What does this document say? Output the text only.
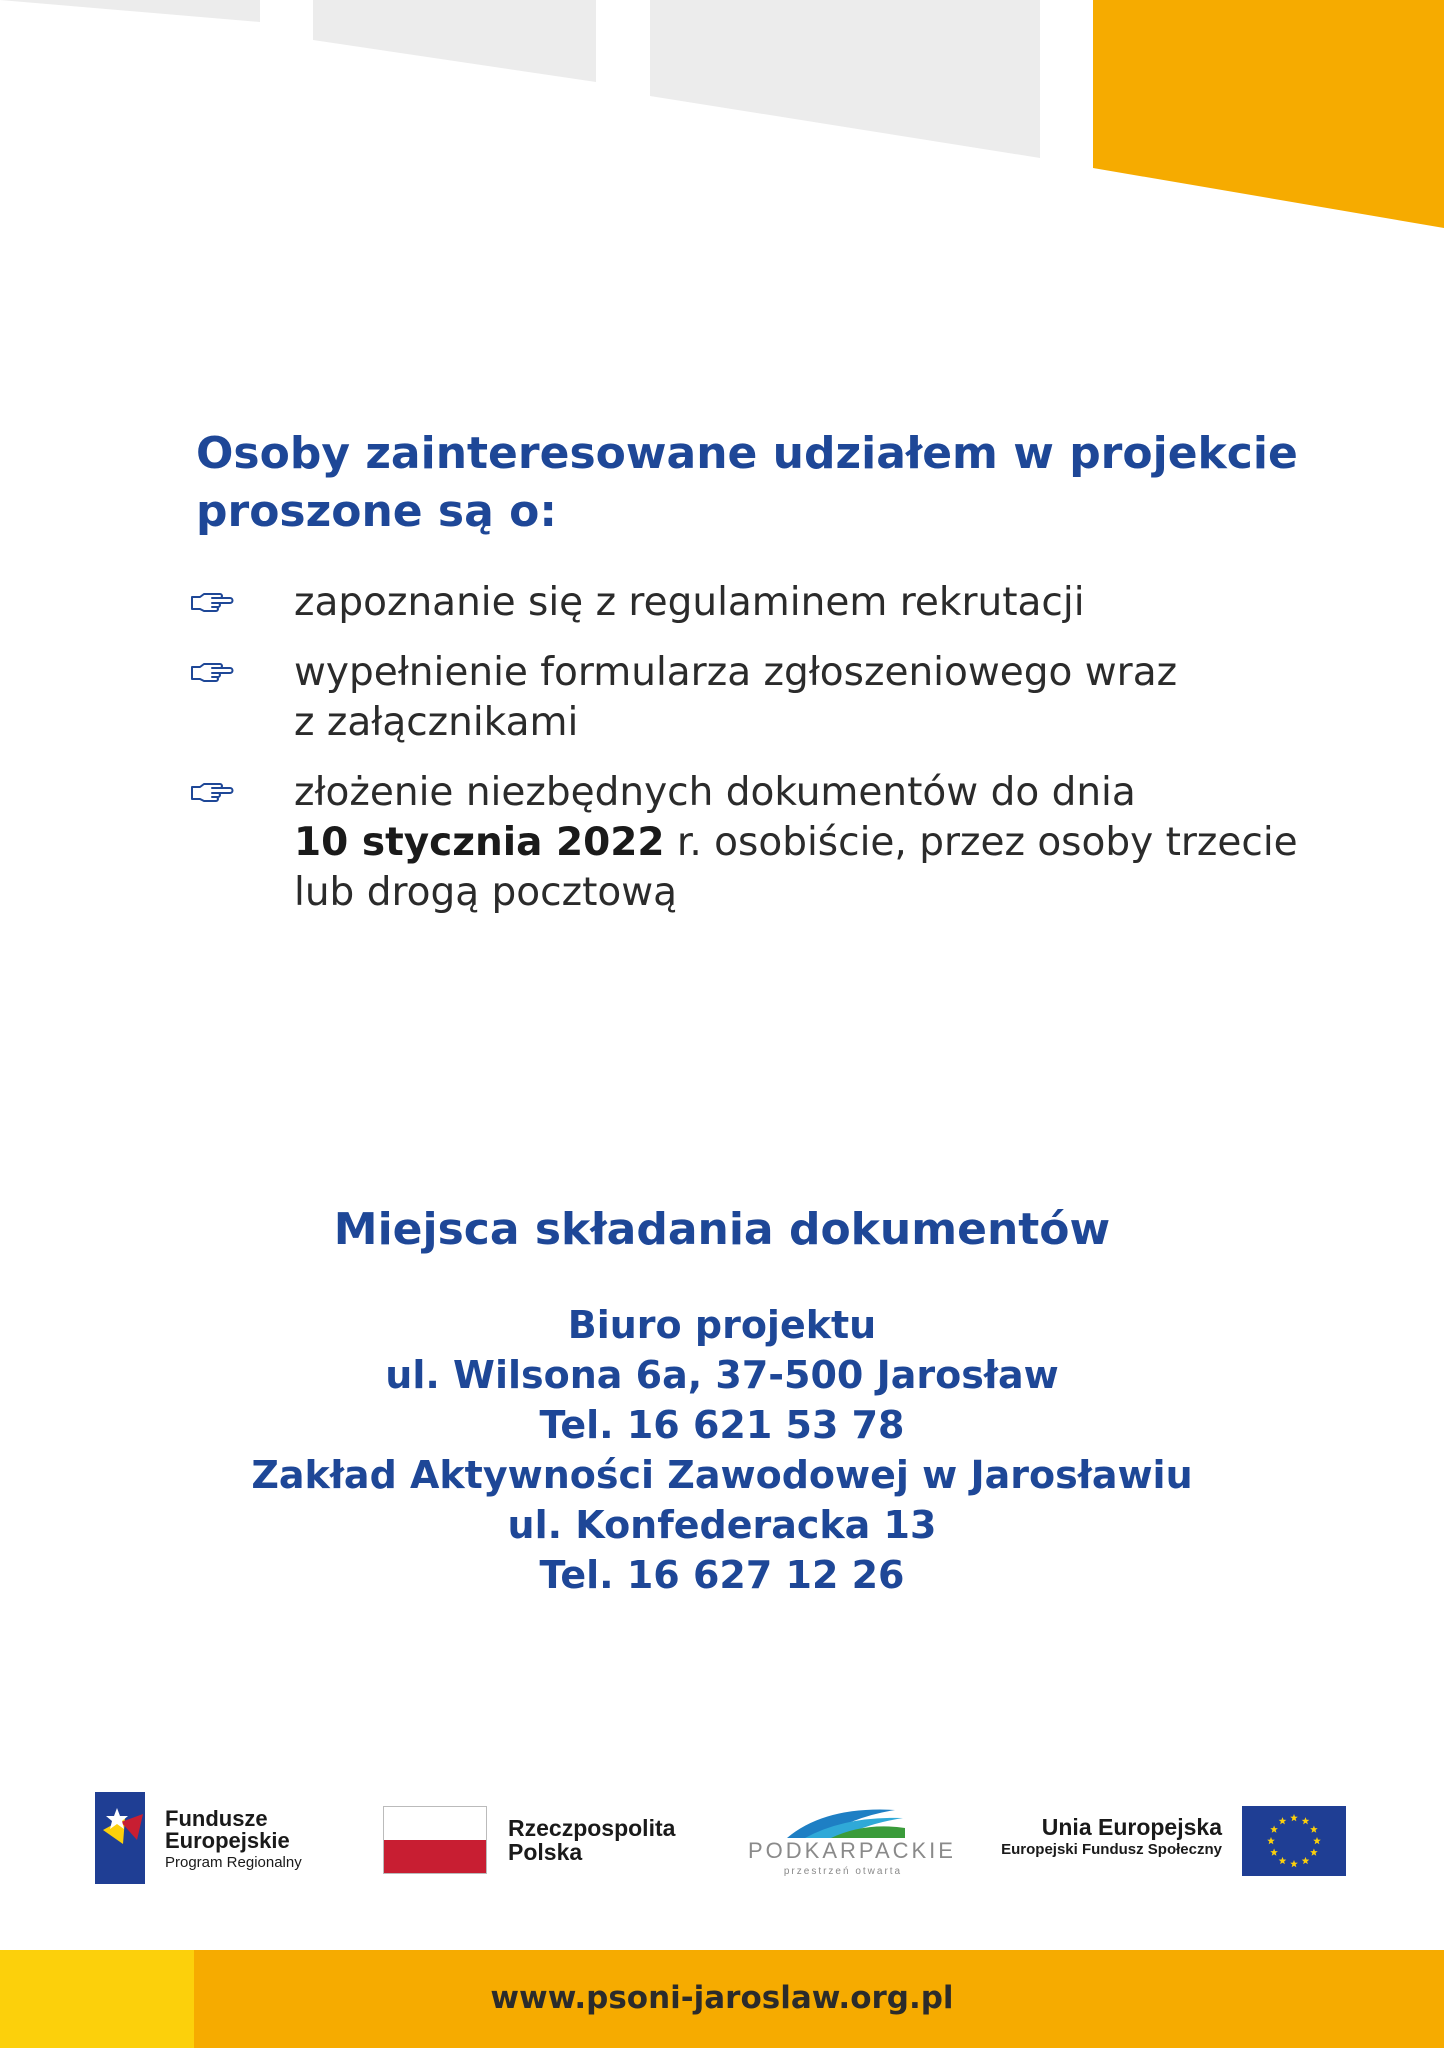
Osoby zainteresowane udziałem w projekcie
proszone są o:
zapoznanie się z regulaminem rekrutacji
wypełnienie formularza zgłoszeniowego wraz
z załącznikami
złożenie niezbędnych dokumentów do dnia
10 stycznia 2022 r. osobiście, przez osoby trzecie
lub drogą pocztową
Miejsca składania dokumentów
Biuro projektu
ul. Wilsona 6a, 37-500 Jarosław
Tel. 16 621 53 78
Zakład Aktywności Zawodowej w Jarosławiu
ul. Konfederacka 13
Tel. 16 627 12 26
Fundusze
Europejskie
Program Regionalny
Rzeczpospolita
Polska	PODKARPACKIE
przestrzeń otwarta
Unia Europejska
Europejski Fundusz Społeczny
www.psoni-jaroslaw.org.pl
